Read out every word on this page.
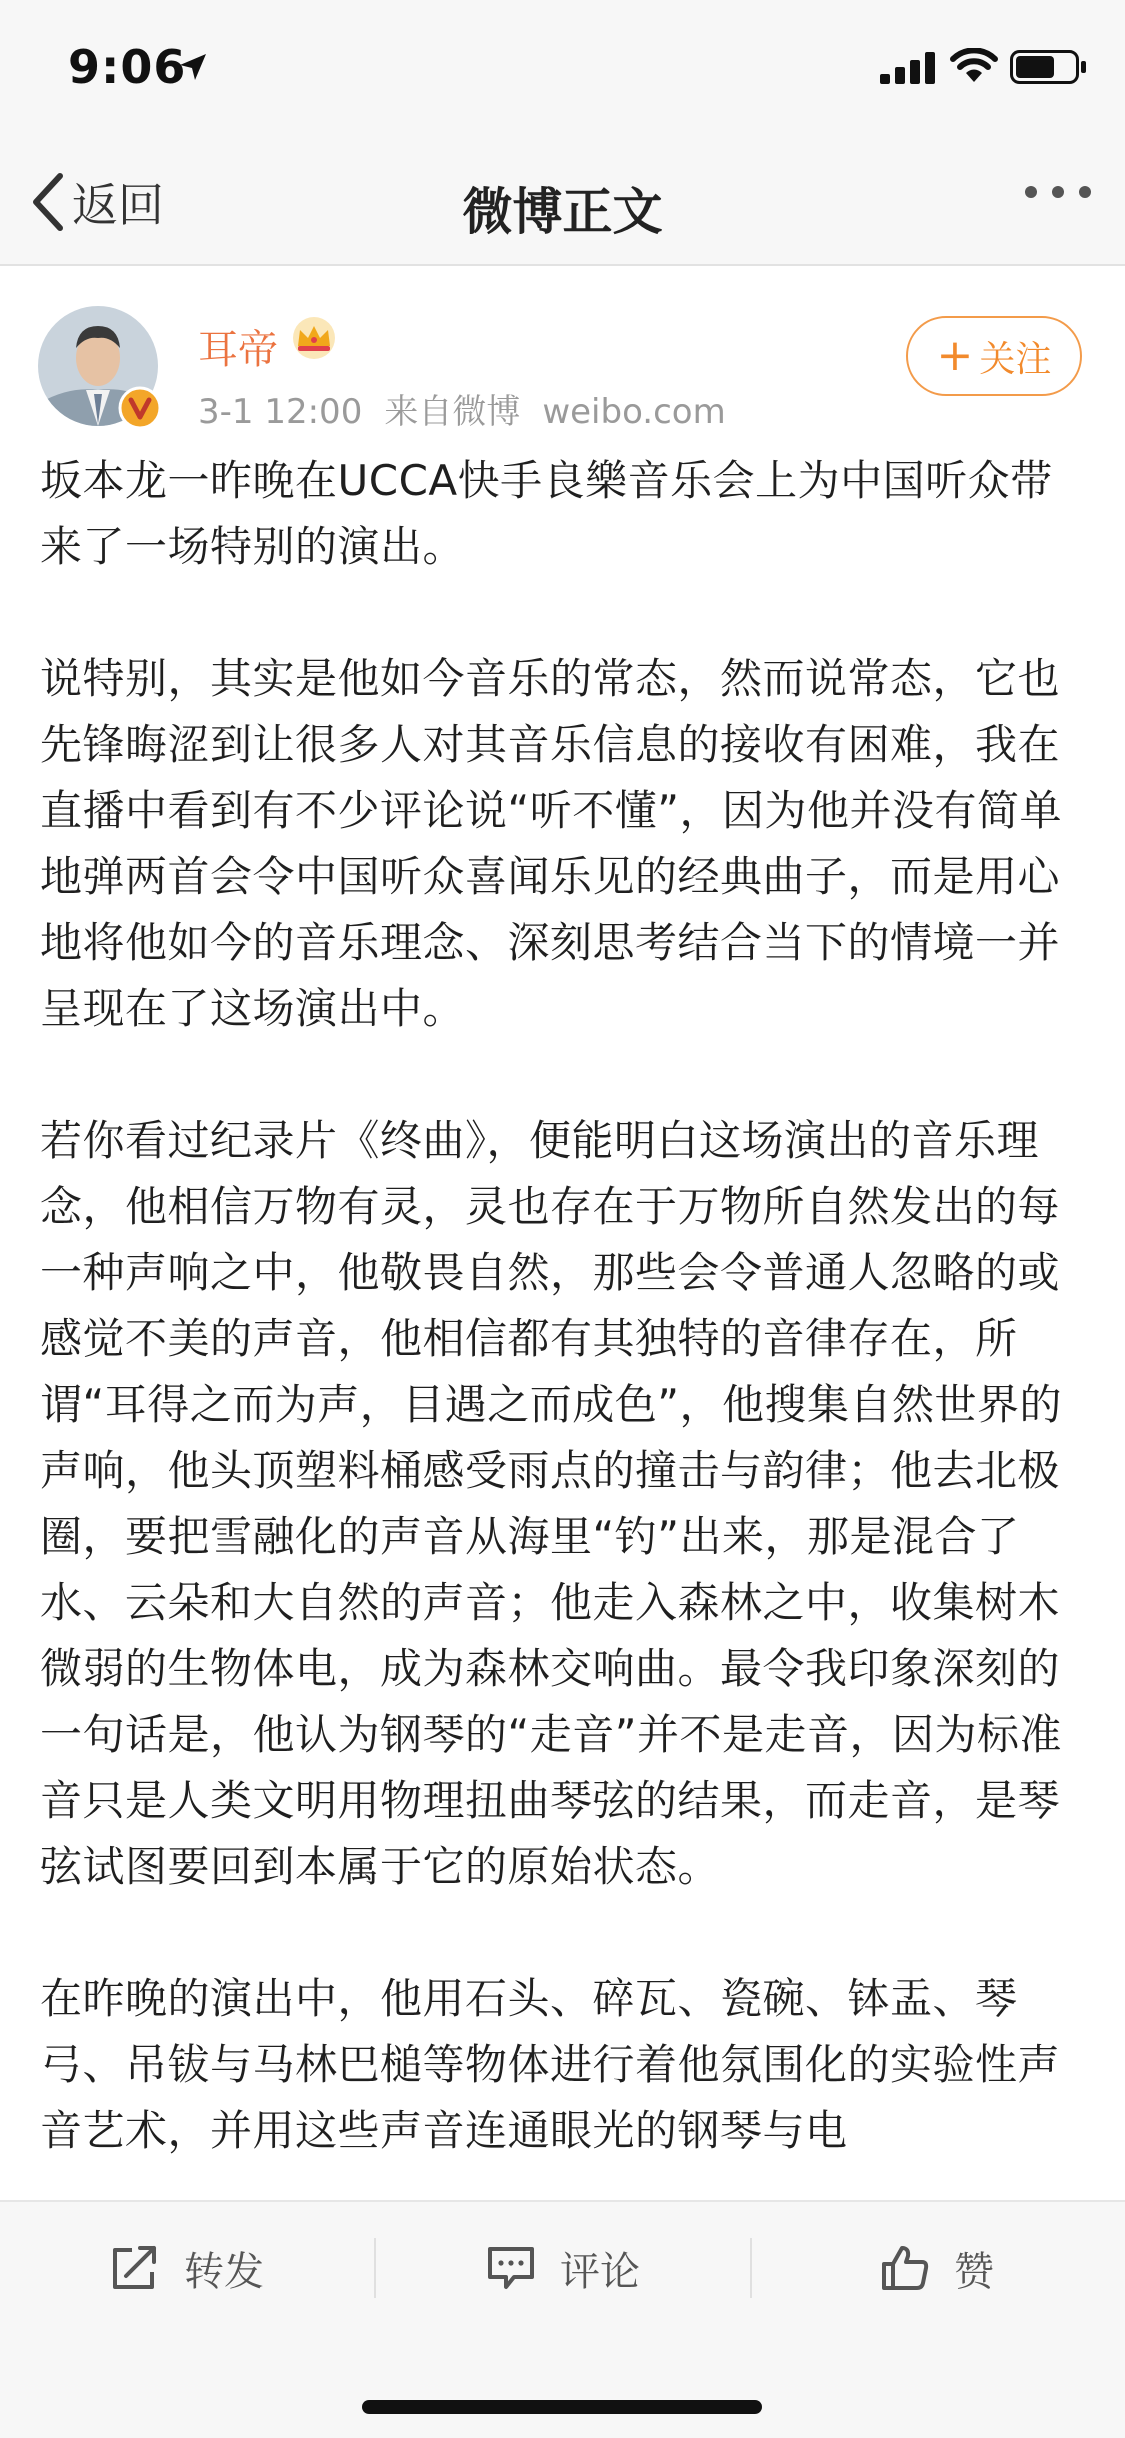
9:06
返回	微博正文
耳帝
3-1 12:00 来自微博 weibo.com
+ 关注

坂本龙一昨晚在UCCA快手良樂音乐会上为中国听众带来了一场特别的演出。

说特别，其实是他如今音乐的常态，然而说常态，它也先锋晦涩到让很多人对其音乐信息的接收有困难，我在直播中看到有不少评论说“听不懂”，因为他并没有简单地弹两首会令中国听众喜闻乐见的经典曲子，而是用心地将他如今的音乐理念、深刻思考结合当下的情境一并呈现在了这场演出中。

若你看过纪录片《终曲》，便能明白这场演出的音乐理念，他相信万物有灵，灵也存在于万物所自然发出的每一种声响之中，他敬畏自然，那些会令普通人忽略的或感觉不美的声音，他相信都有其独特的音律存在，所谓“耳得之而为声，目遇之而成色”，他搜集自然世界的声响，他头顶塑料桶感受雨点的撞击与韵律；他去北极圈，要把雪融化的声音从海里“钓”出来，那是混合了水、云朵和大自然的声音；他走入森林之中，收集树木微弱的生物体电，成为森林交响曲。最令我印象深刻的一句话是，他认为钢琴的“走音”并不是走音，因为标准音只是人类文明用物理扭曲琴弦的结果，而走音，是琴弦试图要回到本属于它的原始状态。

在昨晚的演出中，他用石头、碎瓦、瓷碗、钵盂、琴弓、吊钹与马林巴槌等物体进行着他氛围化的实验性声音艺术，并用这些声音连通眼光的钢琴与电

转发	评论	赞
